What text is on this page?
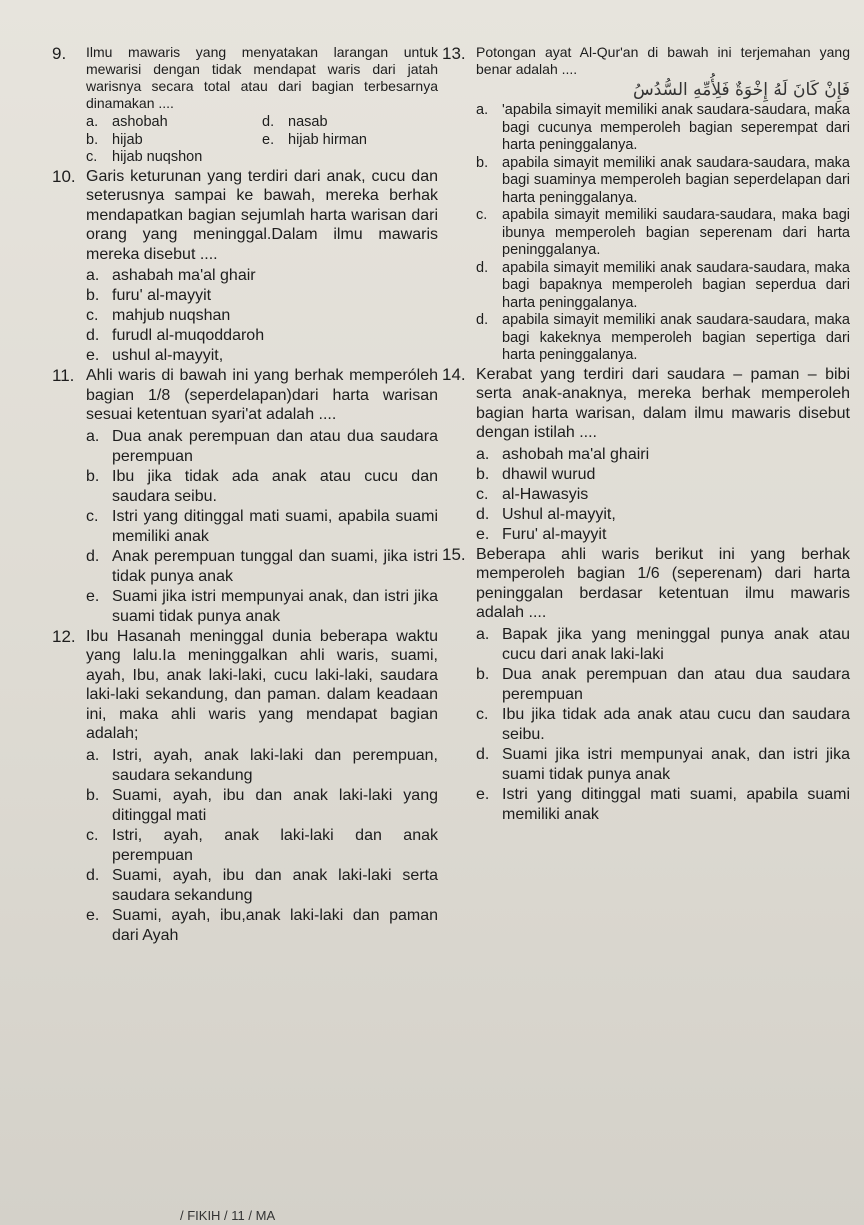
9. Ilmu mawaris yang menyatakan larangan untuk mewarisi dengan tidak mendapat waris dari jatah warisnya secara total atau dari bagian terbesarnya dinamakan ....
a. ashobah	d. nasab
b. hijab	e. hijab hirman
c. hijab nuqshon
10. Garis keturunan yang terdiri dari anak, cucu dan seterusnya sampai ke bawah, mereka berhak mendapatkan bagian sejumlah harta warisan dari orang yang meninggal.Dalam ilmu mawaris mereka disebut ....
a. ashabah ma'al ghair
b. furu' al-mayyit
c. mahjub nuqshan
d. furudl al-muqoddaroh
e. ushul al-mayyit,
11. Ahli waris di bawah ini yang berhak memperóleh bagian 1/8 (seperdelapan)dari harta warisan sesuai ketentuan syari'at adalah ....
a. Dua anak perempuan dan atau dua saudara perempuan
b. Ibu jika tidak ada anak atau cucu dan saudara seibu.
c. Istri yang ditinggal mati suami, apabila suami memiliki anak
d. Anak perempuan tunggal dan suami, jika istri tidak punya anak
e. Suami jika istri mempunyai anak, dan istri jika suami tidak punya anak
12. Ibu Hasanah meninggal dunia beberapa waktu yang lalu.Ia meninggalkan ahli waris, suami, ayah, Ibu, anak laki-laki, cucu laki-laki, saudara laki-laki sekandung, dan paman. dalam keadaan ini, maka ahli waris yang mendapat bagian adalah;
a. Istri, ayah, anak laki-laki dan perempuan, saudara sekandung
b. Suami, ayah, ibu dan anak laki-laki yang ditinggal mati
c. Istri, ayah, anak laki-laki dan anak perempuan
d. Suami, ayah, ibu dan anak laki-laki serta saudara sekandung
e. Suami, ayah, ibu,anak laki-laki dan paman dari Ayah
13. Potongan ayat Al-Qur'an di bawah ini terjemahan yang benar adalah ....
فَإِنْ كَانَ لَهُ إِخْوَةٌ فَلِأُمِّهِ السُّدُسُ
a. 'apabila simayit memiliki anak saudara-saudara, maka bagi cucunya memperoleh bagian seperempat dari harta peninggalanya.
b. apabila simayit memiliki anak saudara-saudara, maka bagi suaminya memperoleh bagian seperdelapan dari harta peninggalanya.
c. apabila simayit memiliki saudara-saudara, maka bagi ibunya memperoleh bagian seperenam dari harta peninggalanya.
d. apabila simayit memiliki anak saudara-saudara, maka bagi bapaknya memperoleh bagian seperdua dari harta peninggalanya.
d. apabila simayit memiliki anak saudara-saudara, maka bagi kakeknya memperoleh bagian sepertiga dari harta peninggalanya.
14. Kerabat yang terdiri dari saudara – paman – bibi serta anak-anaknya, mereka berhak memperoleh bagian harta warisan, dalam ilmu mawaris disebut dengan istilah ....
a. ashobah ma'al ghairi
b. dhawil wurud
c. al-Hawasyis
d. Ushul al-mayyit,
e. Furu' al-mayyit
15. Beberapa ahli waris berikut ini yang berhak memperoleh bagian 1/6 (seperenam) dari harta peninggalan berdasar ketentuan ilmu mawaris adalah ....
a. Bapak jika yang meninggal punya anak atau cucu dari anak laki-laki
b. Dua anak perempuan dan atau dua saudara perempuan
c. Ibu jika tidak ada anak atau cucu dan saudara seibu.
d. Suami jika istri mempunyai anak, dan istri jika suami tidak punya anak
e. Istri yang ditinggal mati suami, apabila suami memiliki anak
/ FIKIH / 11 / MA
